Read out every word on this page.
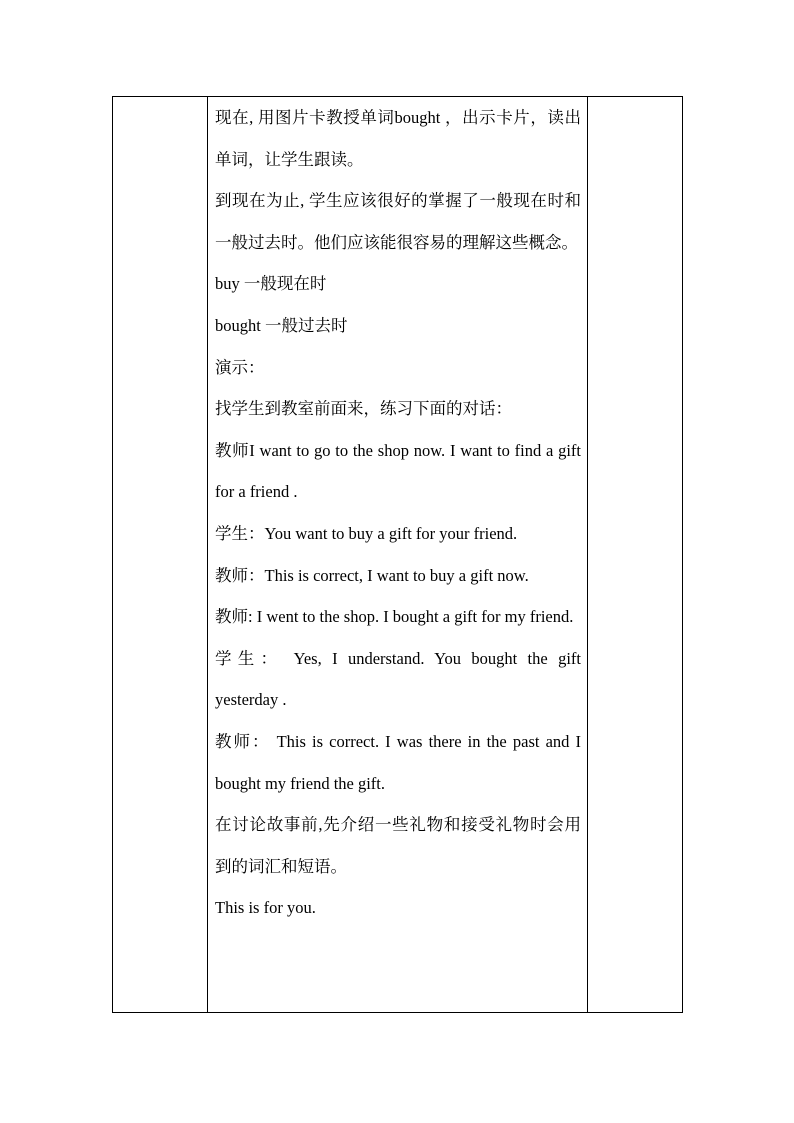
现在, 用图片卡教授单词bought ，出示卡片，读出单词，让学生跟读。

到现在为止, 学生应该很好的掌握了一般现在时和一般过去时。他们应该能很容易的理解这些概念。

buy 一般现在时

bought 一般过去时

演示：

找学生到教室前面来，练习下面的对话：

教师I want to go to the shop now. I want to find a gift for a friend .

学生：You want to buy a gift for your friend.

教师：This is correct, I want to buy a gift now.

教师: I went to the shop. I bought a gift for my friend.

学生： Yes, I understand. You bought the gift yesterday .

教师： This is correct. I was there in the past and I bought my friend the gift.

在讨论故事前,先介绍一些礼物和接受礼物时会用到的词汇和短语。

This is for you.
